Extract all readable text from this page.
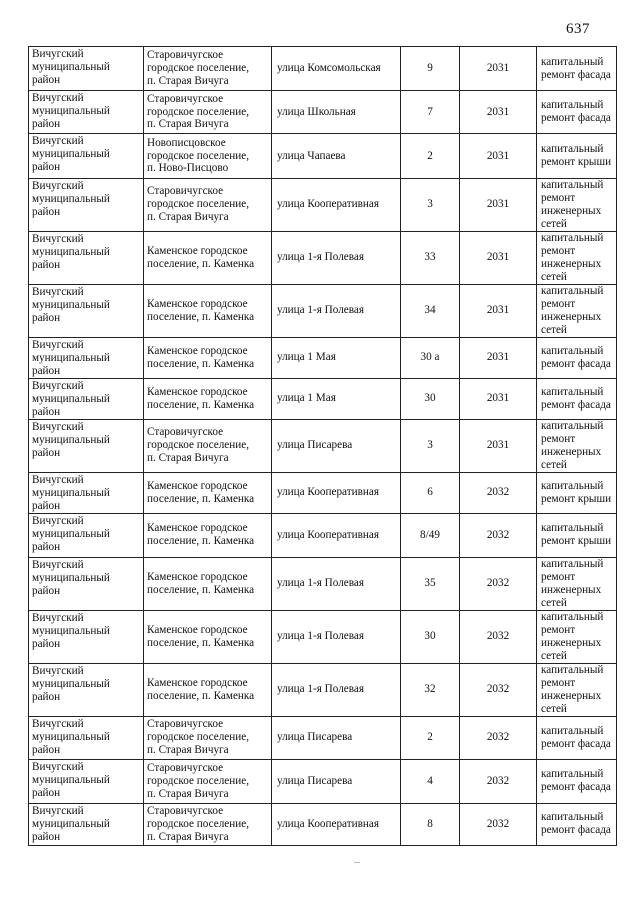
637
Вичугский
муниципальный
район	Старовичугское
городское поселение,
п. Старая Вичуга	улица Комсомольская	9	2031	капитальный
ремонт фасада
Вичугский
муниципальный
район	Старовичугское
городское поселение,
п. Старая Вичуга	улица Школьная	7	2031	капитальный
ремонт фасада
Вичугский
муниципальный
район	Новописцовское
городское поселение,
п. Ново-Писцово	улица Чапаева	2	2031	капитальный
ремонт крыши
Вичугский
муниципальный
район	Старовичугское
городское поселение,
п. Старая Вичуга	улица Кооперативная	3	2031	капитальный
ремонт
инженерных
сетей
Вичугский
муниципальный
район	Каменское городское
поселение, п. Каменка	улица 1-я Полевая	33	2031	капитальный
ремонт
инженерных
сетей
Вичугский
муниципальный
район	Каменское городское
поселение, п. Каменка	улица 1-я Полевая	34	2031	капитальный
ремонт
инженерных
сетей
Вичугский
муниципальный
район	Каменское городское
поселение, п. Каменка	улица 1 Мая	30 а	2031	капитальный
ремонт фасада
Вичугский
муниципальный
район	Каменское городское
поселение, п. Каменка	улица 1 Мая	30	2031	капитальный
ремонт фасада
Вичугский
муниципальный
район	Старовичугское
городское поселение,
п. Старая Вичуга	улица Писарева	3	2031	капитальный
ремонт
инженерных
сетей
Вичугский
муниципальный
район	Каменское городское
поселение, п. Каменка	улица Кооперативная	6	2032	капитальный
ремонт крыши
Вичугский
муниципальный
район	Каменское городское
поселение, п. Каменка	улица Кооперативная	8/49	2032	капитальный
ремонт крыши
Вичугский
муниципальный
район	Каменское городское
поселение, п. Каменка	улица 1-я Полевая	35	2032	капитальный
ремонт
инженерных
сетей
Вичугский
муниципальный
район	Каменское городское
поселение, п. Каменка	улица 1-я Полевая	30	2032	капитальный
ремонт
инженерных
сетей
Вичугский
муниципальный
район	Каменское городское
поселение, п. Каменка	улица 1-я Полевая	32	2032	капитальный
ремонт
инженерных
сетей
Вичугский
муниципальный
район	Старовичугское
городское поселение,
п. Старая Вичуга	улица Писарева	2	2032	капитальный
ремонт фасада
Вичугский
муниципальный
район	Старовичугское
городское поселение,
п. Старая Вичуга	улица Писарева	4	2032	капитальный
ремонт фасада
Вичугский
муниципальный
район	Старовичугское
городское поселение,
п. Старая Вичуга	улица Кооперативная	8	2032	капитальный
ремонт фасада
